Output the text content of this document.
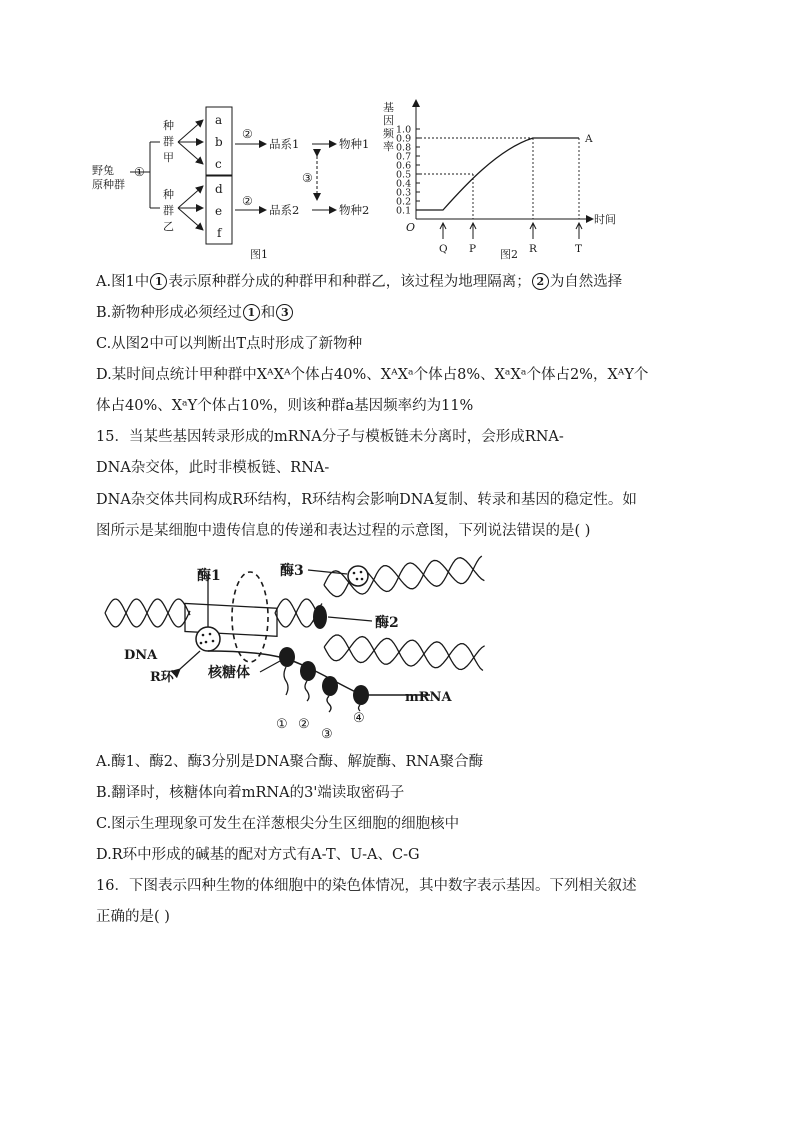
野兔
原种群
①
种
群
甲
种
群
乙
a
b
c
d
e
f
②
品系1	物种1
②
品系2	物种2
③
图1
基
因
频
率
1.0
0.9
0.8
0.7
0.6
0.5
0.4
0.3
0.2
0.1
Q P	R	T
A
O
时间
图2
A.图1中 1 表示原种群分成的种群甲和种群乙，该过程为地理隔离； 2 为自然选择
B.新物种形成必须经过 1 和 3
C.从图2中可以判断出T点时形成了新物种
D.某时间点统计甲种群中XᴬXᴬ个体占40%、XᴬXᵃ个体占8%、XᵃXᵃ个体占2%，XᴬY个
体占40%、XᵃY个体占10%，则该种群a基因频率约为11%
15．当某些基因转录形成的mRNA分子与模板链未分离时，会形成RNA-
DNA杂交体，此时非模板链、RNA-
DNA杂交体共同构成R环结构，R环结构会影响DNA复制、转录和基因的稳定性。如
图所示是某细胞中遗传信息的传递和表达过程的示意图，下列说法错误的是( )
酶1	酶3
酶2
DNA
R环 核糖体
mRNA
① ②
③
④
A.酶1、酶2、酶3分别是DNA聚合酶、解旋酶、RNA聚合酶
B.翻译时，核糖体向着mRNA的3'端读取密码子
C.图示生理现象可发生在洋葱根尖分生区细胞的细胞核中
D.R环中形成的碱基的配对方式有A-T、U-A、C-G
16．下图表示四种生物的体细胞中的染色体情况，其中数字表示基因。下列相关叙述
正确的是( )
